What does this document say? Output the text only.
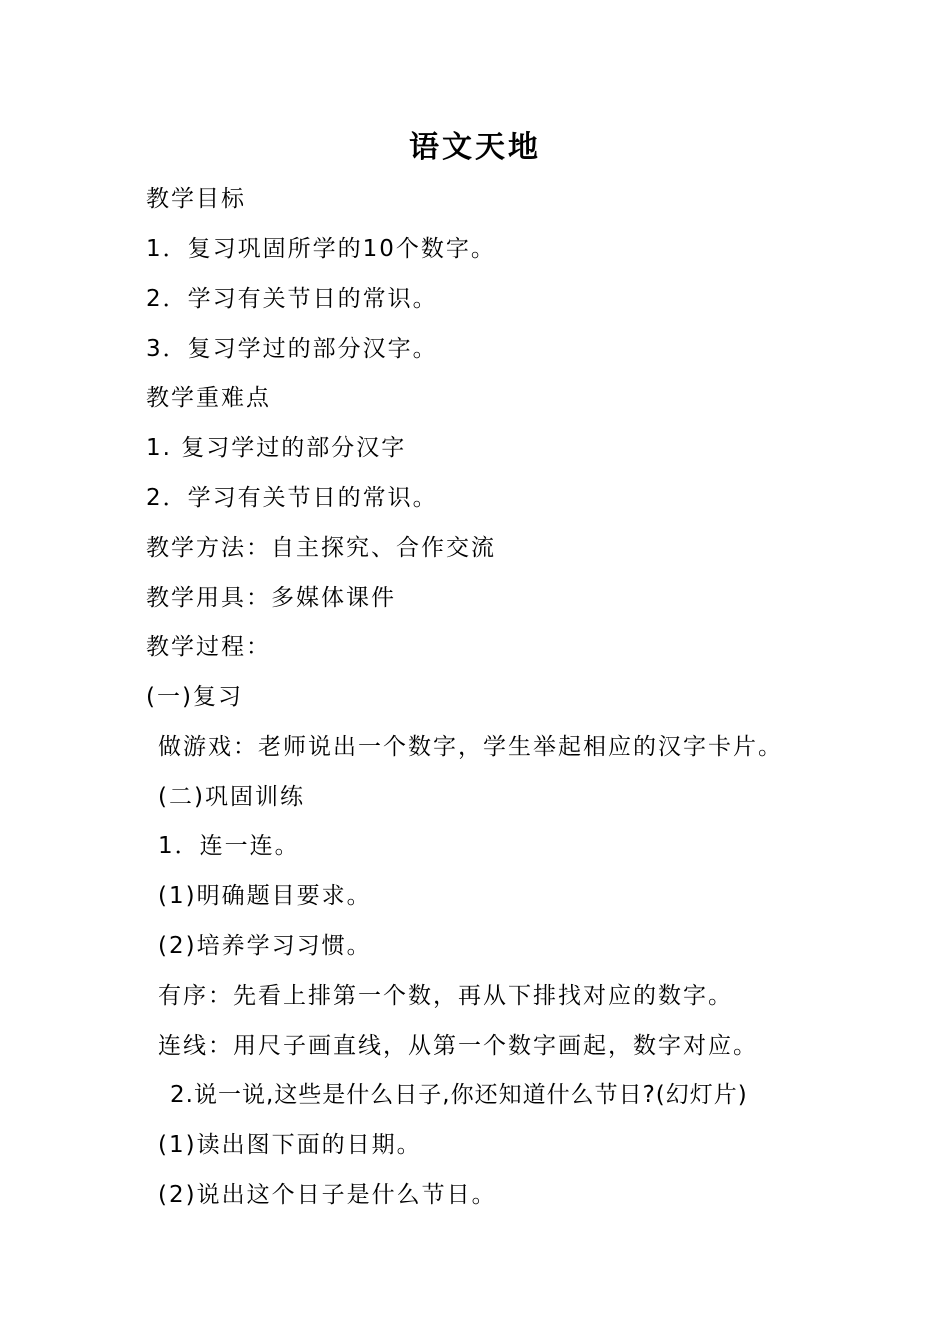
语文天地
教学目标
1．复习巩固所学的10个数字。
2．学习有关节日的常识。
3．复习学过的部分汉字。
教学重难点
1. 复习学过的部分汉字
2．学习有关节日的常识。
教学方法：自主探究、合作交流
教学用具：多媒体课件
教学过程：
(一)复习
做游戏：老师说出一个数字，学生举起相应的汉字卡片。
(二)巩固训练
1．连一连。
(1)明确题目要求。
(2)培养学习习惯。
有序：先看上排第一个数，再从下排找对应的数字。
连线：用尺子画直线，从第一个数字画起，数字对应。
2.说一说,这些是什么日子,你还知道什么节日?(幻灯片)
(1)读出图下面的日期。
(2)说出这个日子是什么节日。
